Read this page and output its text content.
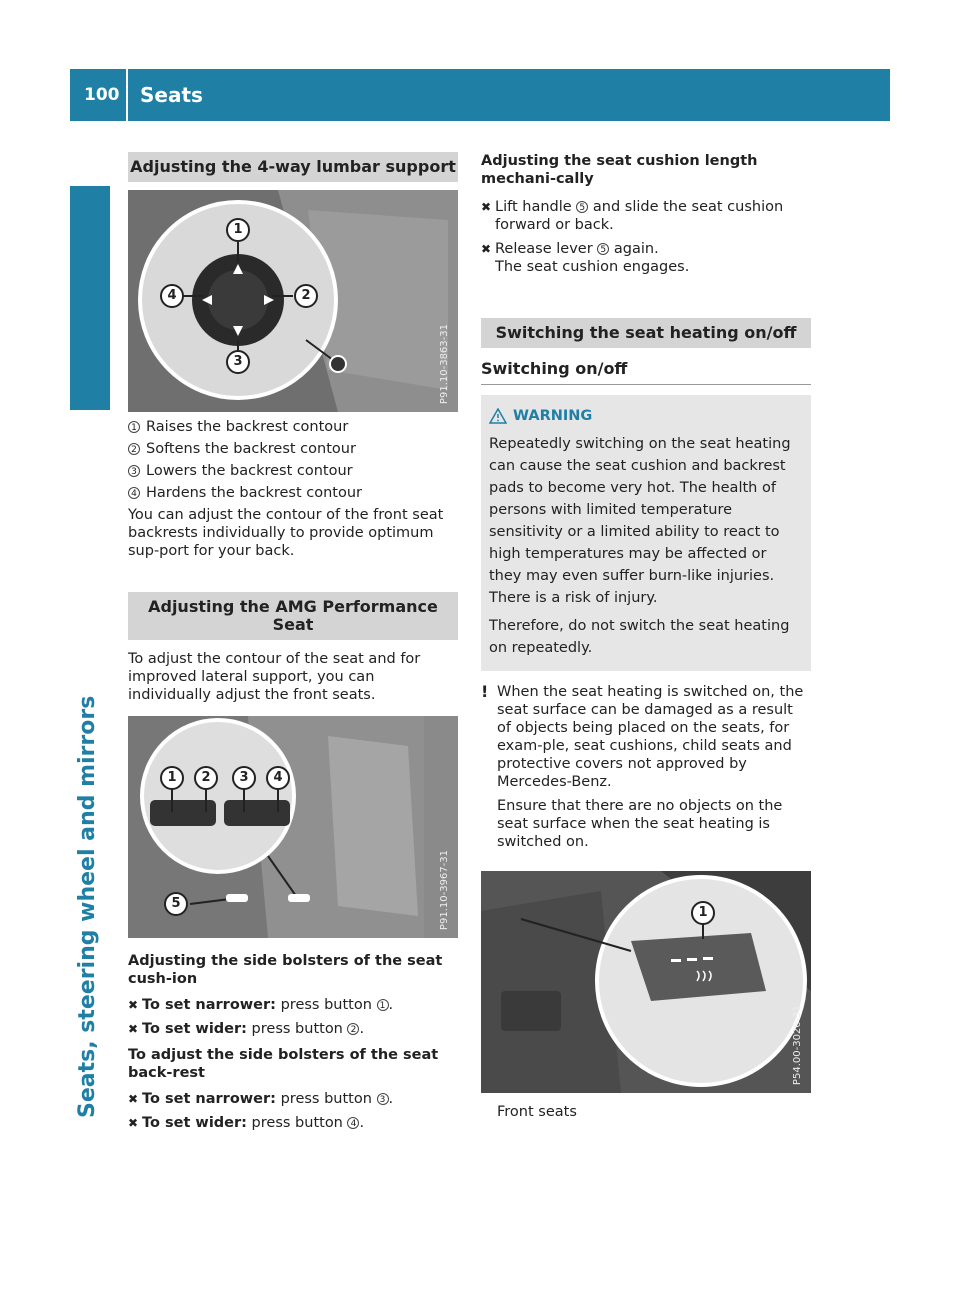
100 Seats
Seats, steering wheel and mirrors
Adjusting the 4-way lumbar support
1
2
3
4
P91.10-3863-31
1 Raises the backrest contour
2 Softens the backrest contour
3 Lowers the backrest contour
4 Hardens the backrest contour

You can adjust the contour of the front seat backrests individually to provide optimum sup-port for your back.

Adjusting the AMG Performance Seat

To adjust the contour of the seat and for improved lateral support, you can individually adjust the front seats.

1	2	3	4
5	P91.10-3967-31

Adjusting the side bolsters of the seat cush-ion

✖ To set narrower: press button 1 .
✖ To set wider: press button 2 .

To adjust the side bolsters of the seat back-rest

✖ To set narrower: press button 3 .
✖ To set wider: press button 4 .

Adjusting the seat cushion length mechani-cally

✖ Lift handle 5 and slide the seat cushion forward or back.
✖ Release lever 5 again.
The seat cushion engages.
Switching the seat heating on/off

Switching on/off

WARNING

Repeatedly switching on the seat heating can cause the seat cushion and backrest pads to become very hot. The health of persons with limited temperature sensitivity or a limited ability to react to high temperatures may be affected or they may even suffer burn-like injuries. There is a risk of injury.

Therefore, do not switch the seat heating on repeatedly.

! When the seat heating is switched on, the seat surface can be damaged as a result of objects being placed on the seats, for exam-ple, seat cushions, child seats and protective covers not approved by Mercedes-Benz.

Ensure that there are no objects on the seat surface when the seat heating is switched on.

1
P54.00-3026-31

Front seats
